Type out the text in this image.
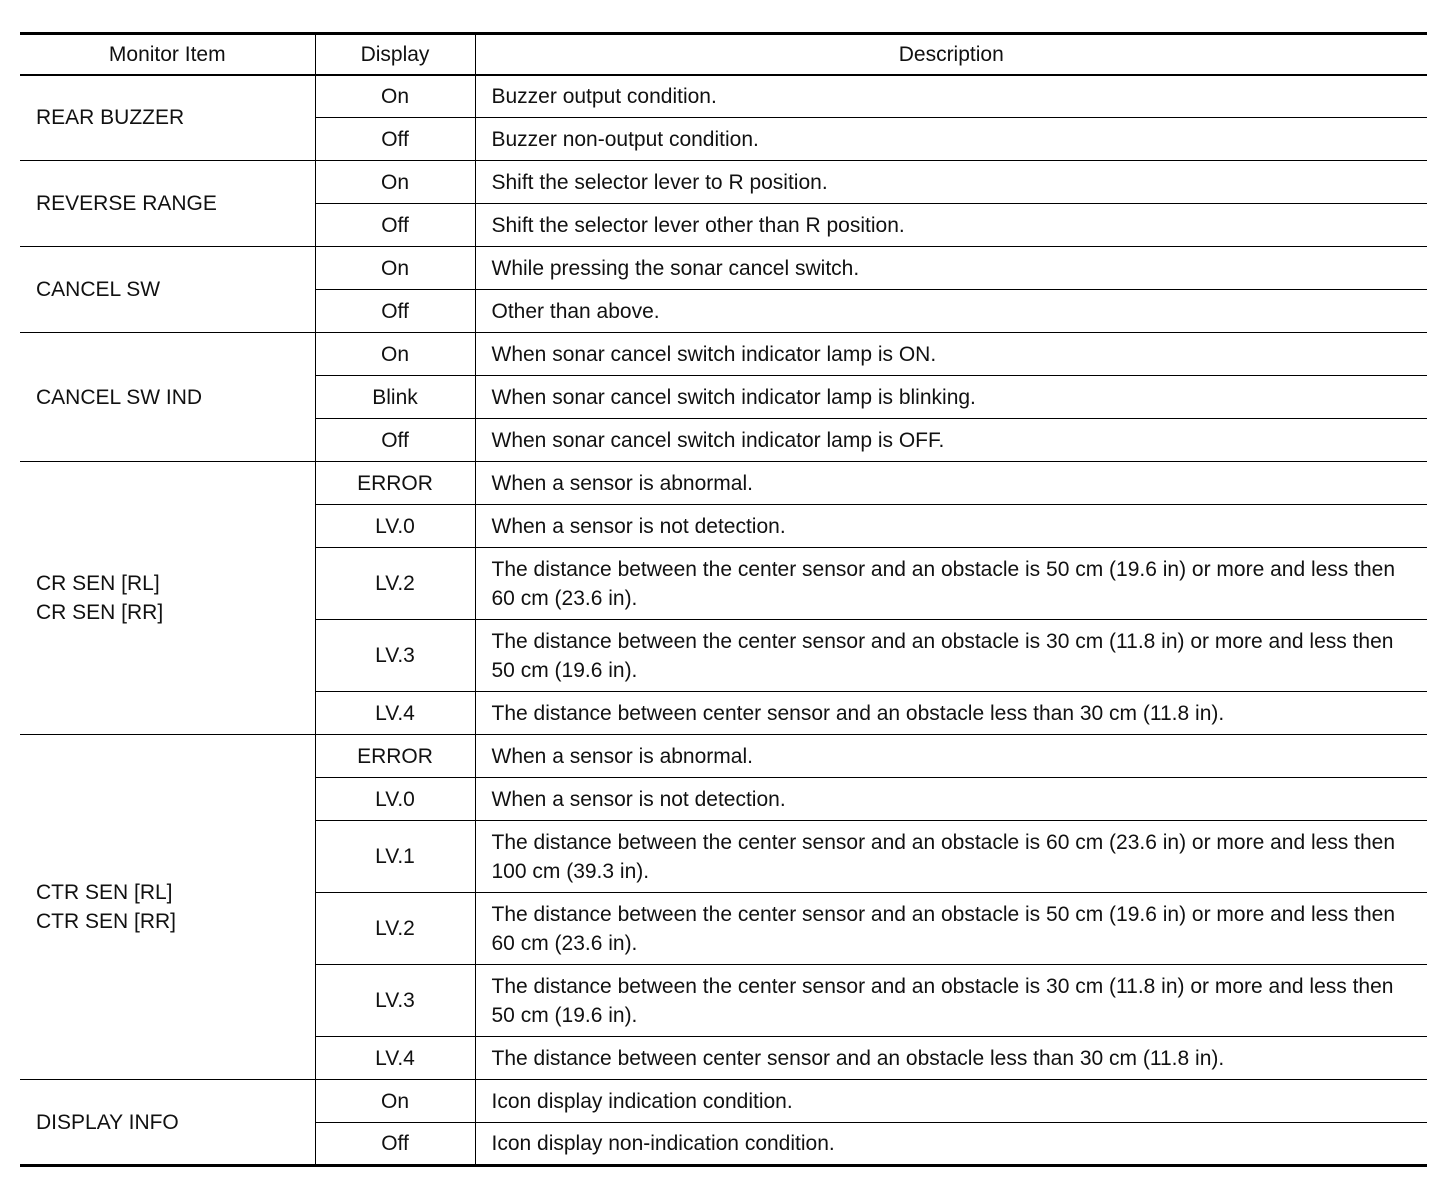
Monitor Item	Display	Description
REAR BUZZER	On	Buzzer output condition.
	Off	Buzzer non-output condition.
REVERSE RANGE	On	Shift the selector lever to R position.
	Off	Shift the selector lever other than R position.
CANCEL SW	On	While pressing the sonar cancel switch.
	Off	Other than above.
CANCEL SW IND	On	When sonar cancel switch indicator lamp is ON.
	Blink	When sonar cancel switch indicator lamp is blinking.
	Off	When sonar cancel switch indicator lamp is OFF.
CR SEN [RL]
CR SEN [RR]	ERROR	When a sensor is abnormal.
	LV.0	When a sensor is not detection.
	LV.2	The distance between the center sensor and an obstacle is 50 cm (19.6 in) or more and less then 60 cm (23.6 in).
	LV.3	The distance between the center sensor and an obstacle is 30 cm (11.8 in) or more and less then 50 cm (19.6 in).
	LV.4	The distance between center sensor and an obstacle less than 30 cm (11.8 in).
CTR SEN [RL]
CTR SEN [RR]	ERROR	When a sensor is abnormal.
	LV.0	When a sensor is not detection.
	LV.1	The distance between the center sensor and an obstacle is 60 cm (23.6 in) or more and less then 100 cm (39.3 in).
	LV.2	The distance between the center sensor and an obstacle is 50 cm (19.6 in) or more and less then 60 cm (23.6 in).
	LV.3	The distance between the center sensor and an obstacle is 30 cm (11.8 in) or more and less then 50 cm (19.6 in).
	LV.4	The distance between center sensor and an obstacle less than 30 cm (11.8 in).
DISPLAY INFO	On	Icon display indication condition.
	Off	Icon display non-indication condition.
